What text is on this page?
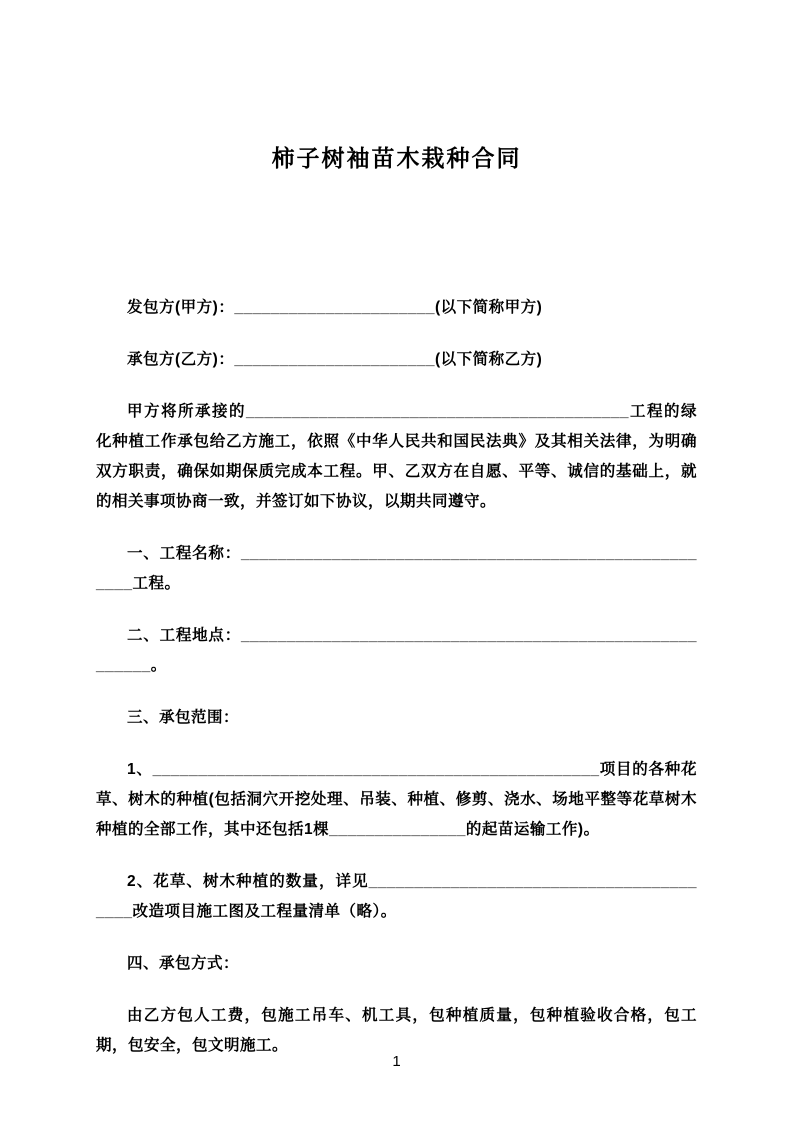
柿子树袖苗木栽种合同

发包方(甲方)：______________________(以下简称甲方)

承包方(乙方)：______________________(以下简称乙方)

甲方将所承接的__________________________________________工程的绿化种植工作承包给乙方施工，依照《中华人民共和国民法典》及其相关法律，为明确双方职责，确保如期保质完成本工程。甲、乙双方在自愿、平等、诚信的基础上，就的相关事项协商一致，并签订如下协议，以期共同遵守。

一、工程名称：______________________________________________________工程。

二、工程地点：________________________________________________________。

三、承包范围：

1、_________________________________________________项目的各种花草、树木的种植(包括洞穴开挖处理、吊装、种植、修剪、浇水、场地平整等花草树木种植的全部工作，其中还包括1棵_______________的起苗运输工作)。

2、花草、树木种植的数量，详见________________________________________改造项目施工图及工程量清单（略）。

四、承包方式：

由乙方包人工费，包施工吊车、机工具，包种植质量，包种植验收合格，包工期，包安全，包文明施工。

1
